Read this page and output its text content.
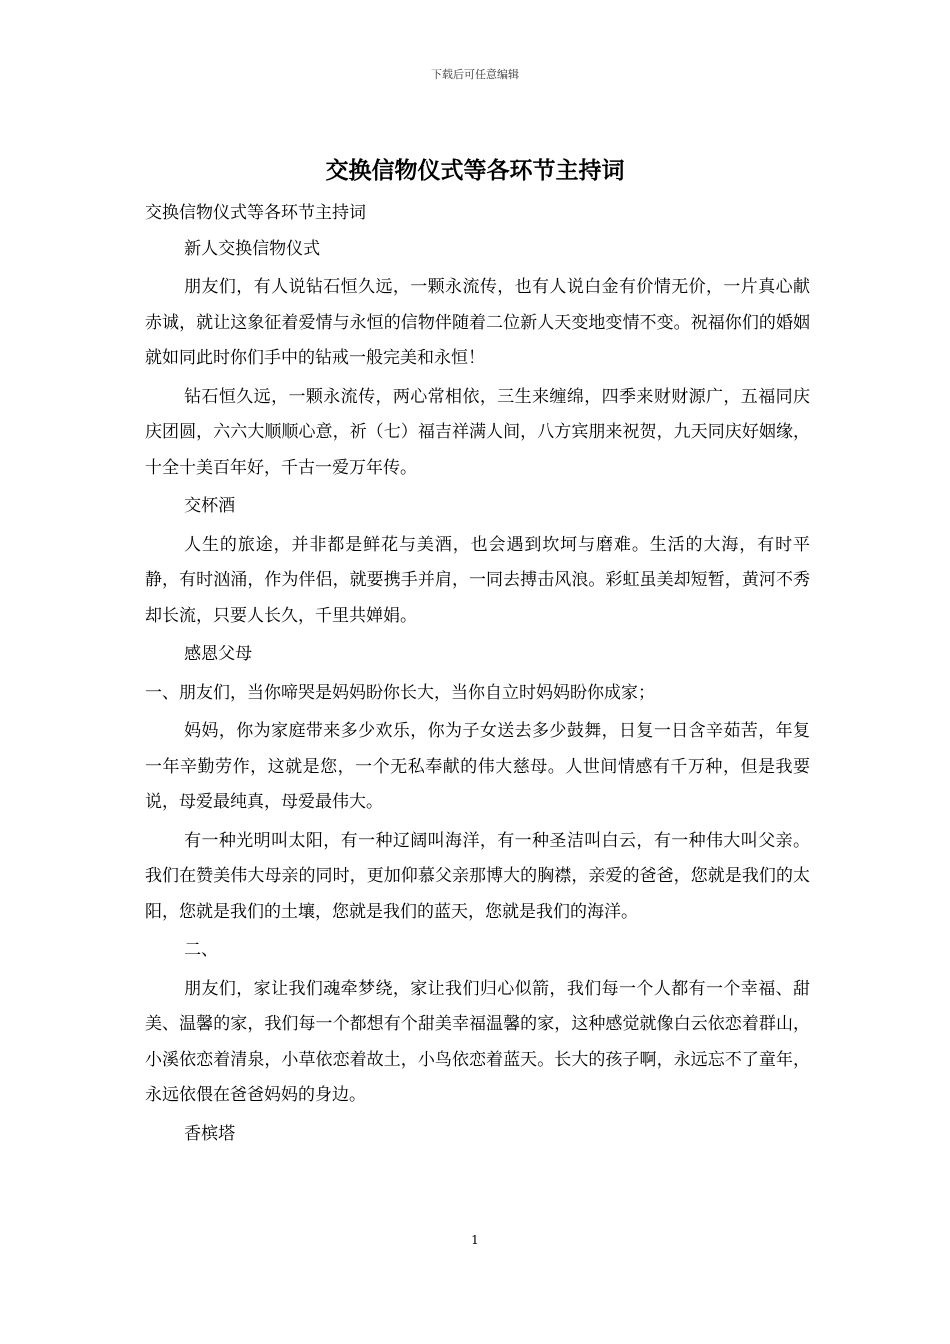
下载后可任意编辑
交换信物仪式等各环节主持词

交换信物仪式等各环节主持词

新人交换信物仪式

朋友们，有人说钻石恒久远，一颗永流传，也有人说白金有价情无价，一片真心献赤诚，就让这象征着爱情与永恒的信物伴随着二位新人天变地变情不变。祝福你们的婚姻就如同此时你们手中的钻戒一般完美和永恒！

钻石恒久远，一颗永流传，两心常相依，三生来缠绵，四季来财财源广，五福同庆庆团圆，六六大顺顺心意，祈（七）福吉祥满人间，八方宾朋来祝贺，九天同庆好姻缘，十全十美百年好，千古一爱万年传。

交杯酒

人生的旅途，并非都是鲜花与美酒，也会遇到坎坷与磨难。生活的大海，有时平静，有时汹涌，作为伴侣，就要携手并肩，一同去搏击风浪。彩虹虽美却短暂，黄河不秀却长流，只要人长久，千里共婵娟。

感恩父母

一、朋友们，当你啼哭是妈妈盼你长大，当你自立时妈妈盼你成家；

妈妈，你为家庭带来多少欢乐，你为子女送去多少鼓舞，日复一日含辛茹苦，年复一年辛勤劳作，这就是您，一个无私奉献的伟大慈母。人世间情感有千万种，但是我要说，母爱最纯真，母爱最伟大。

有一种光明叫太阳，有一种辽阔叫海洋，有一种圣洁叫白云，有一种伟大叫父亲。我们在赞美伟大母亲的同时，更加仰慕父亲那博大的胸襟，亲爱的爸爸，您就是我们的太阳，您就是我们的土壤，您就是我们的蓝天，您就是我们的海洋。

二、

朋友们，家让我们魂牵梦绕，家让我们归心似箭，我们每一个人都有一个幸福、甜美、温馨的家，我们每一个都想有个甜美幸福温馨的家，这种感觉就像白云依恋着群山，小溪依恋着清泉，小草依恋着故土，小鸟依恋着蓝天。长大的孩子啊，永远忘不了童年，永远依偎在爸爸妈妈的身边。

香槟塔

1
